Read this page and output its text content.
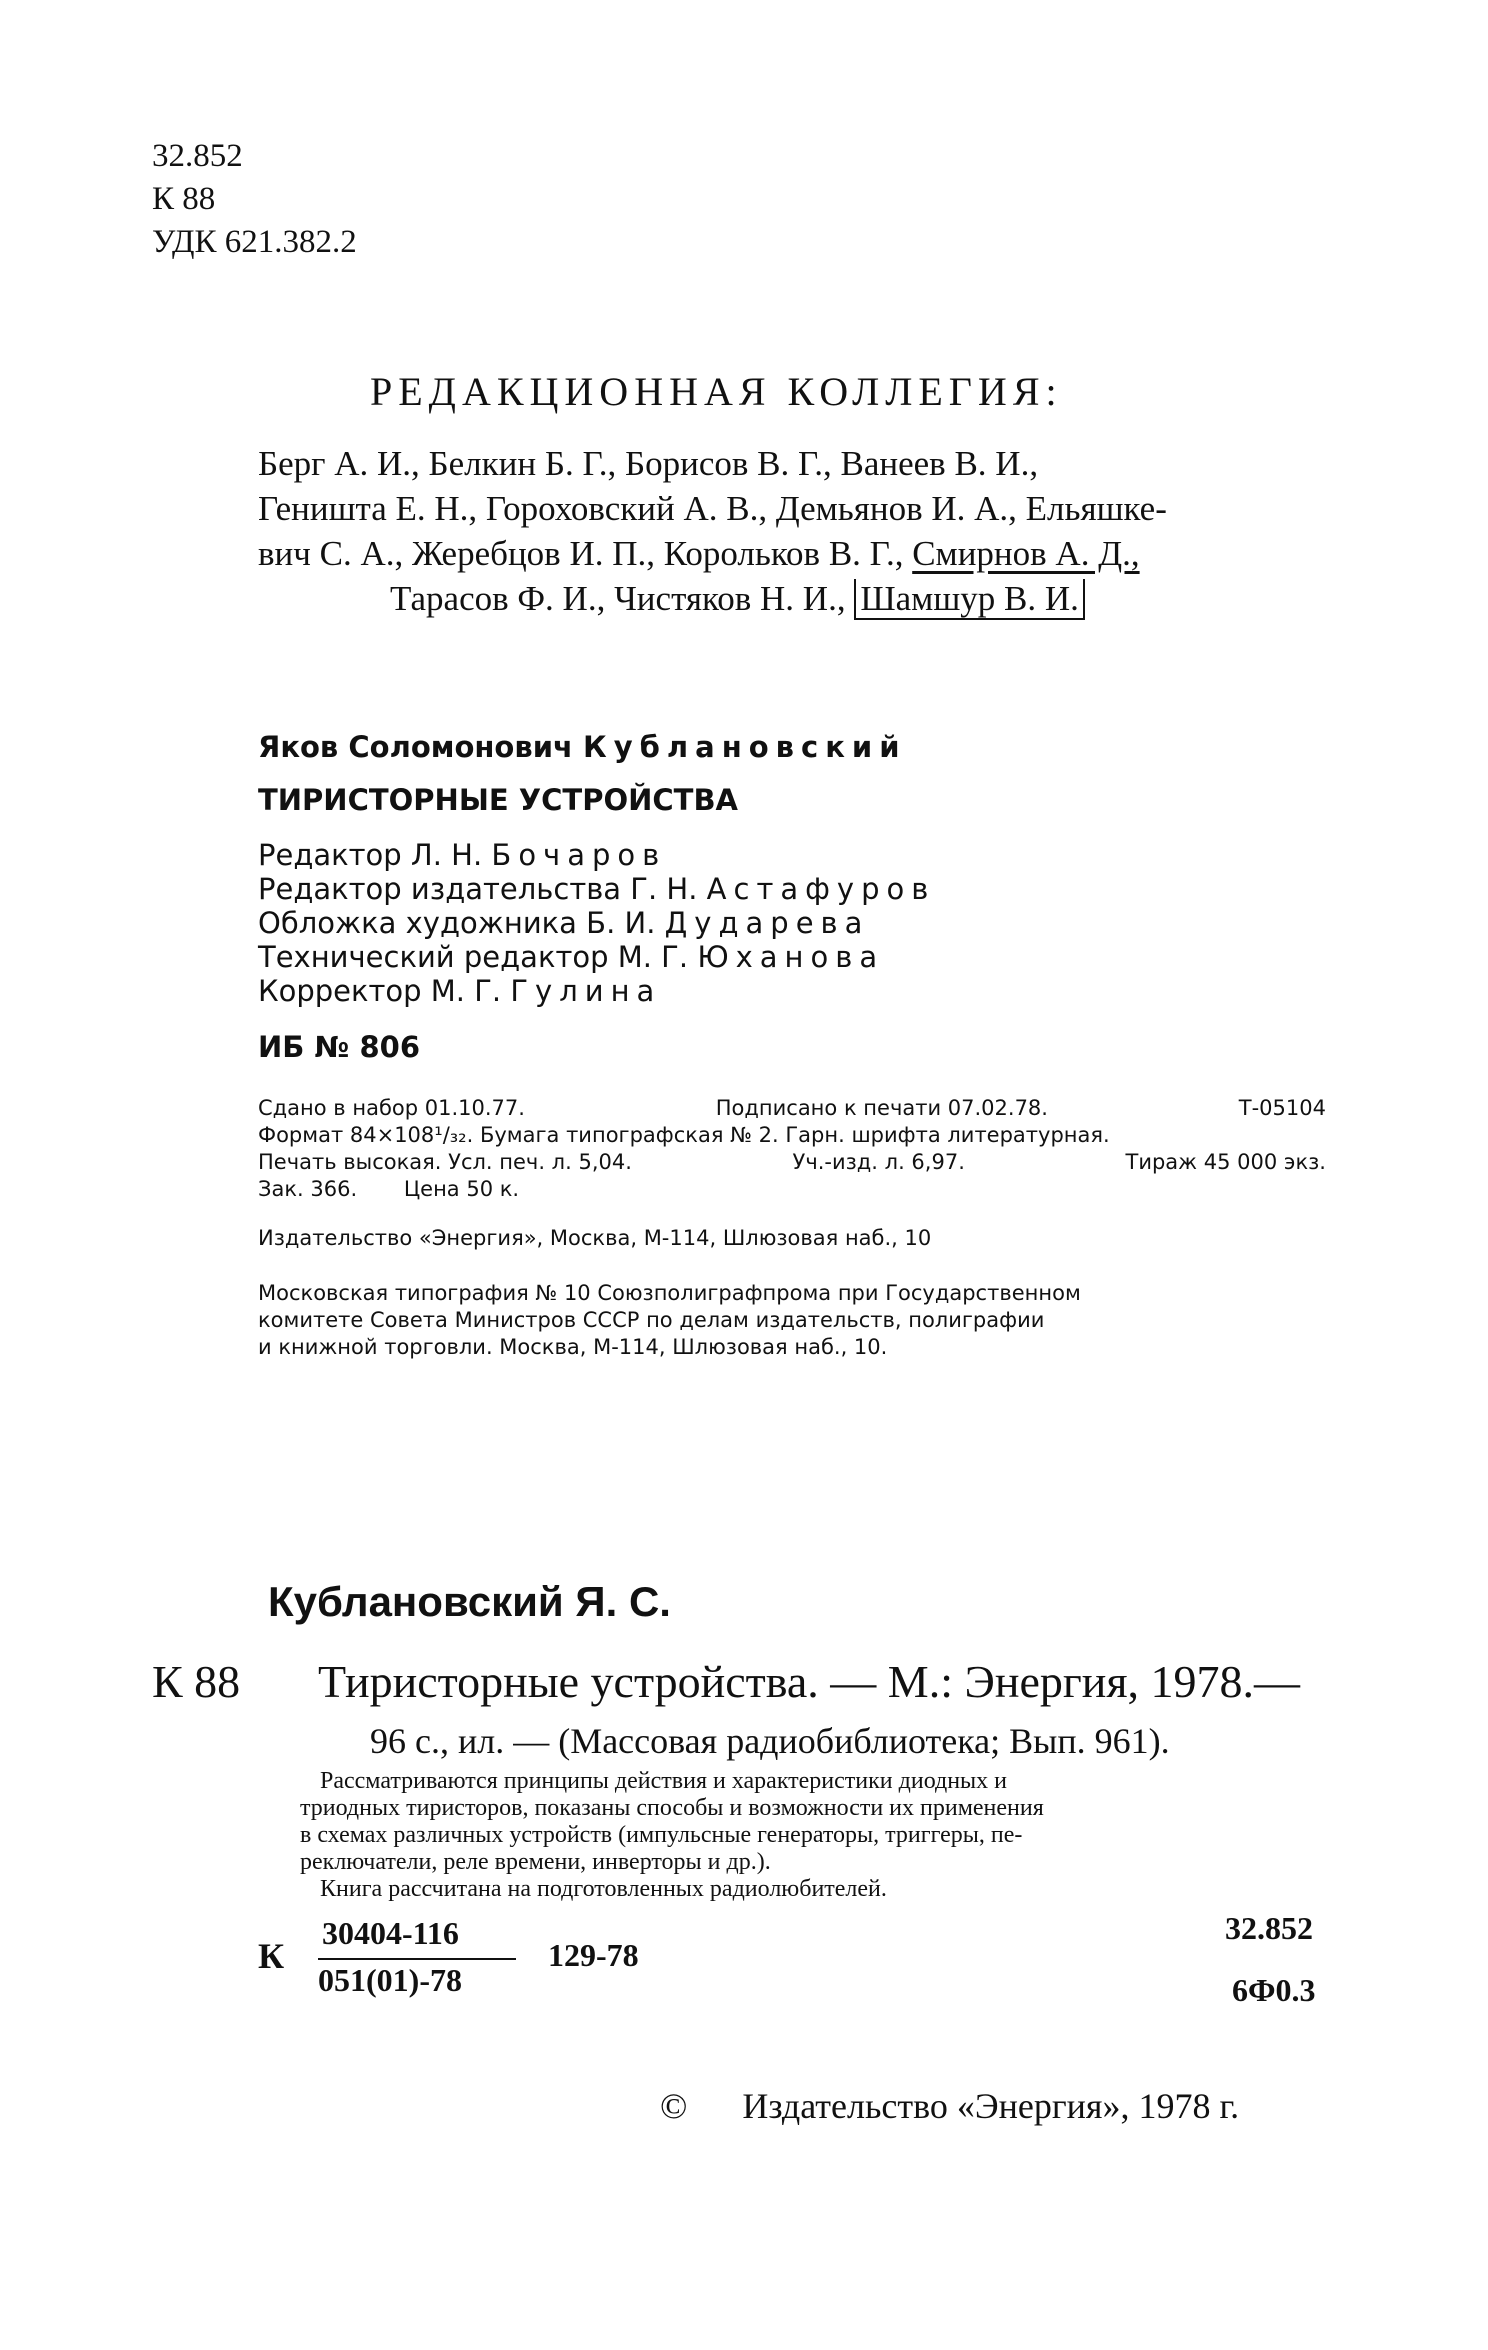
32.852
К 88
УДК 621.382.2
РЕДАКЦИОННАЯ КОЛЛЕГИЯ:
Берг А. И., Белкин Б. Г., Борисов В. Г., Ванеев В. И.,
Геништа Е. Н., Гороховский А. В., Демьянов И. А., Ельяшке-
вич С. А., Жеребцов И. П., Корольков В. Г., Смирнов А. Д.,
Тарасов Ф. И., Чистяков Н. И., Шамшур В. И.
Яков Соломонович Кублановский
ТИРИСТОРНЫЕ УСТРОЙСТВА
Редактор Л. Н. Бочаров
Редактор издательства Г. Н. Астафуров
Обложка художника Б. И. Дударева
Технический редактор М. Г. Юханова
Корректор М. Г. Гулина
ИБ № 806
Сдано в набор 01.10.77.	Подписано к печати 07.02.78.	Т-05104
Формат 84×108¹/₃₂. Бумага типографская № 2. Гарн. шрифта литературная.
Печать высокая. Усл. печ. л. 5,04.	Уч.-изд. л. 6,97.	Тираж 45 000 экз.
Зак. 366.       Цена 50 к.
Издательство «Энергия», Москва, М-114, Шлюзовая наб., 10
Московская типография № 10 Союзполиграфпрома при Государственном
комитете Совета Министров СССР по делам издательств, полиграфии
и книжной торговли. Москва, М-114, Шлюзовая наб., 10.
Кублановский Я. С.
К 88 Тиристорные устройства. — М.: Энергия, 1978.—
96 с., ил. — (Массовая радиобиблиотека; Вып. 961).
Рассматриваются принципы действия и характеристики диодных и
триодных тиристоров, показаны способы и возможности их применения
в схемах различных устройств (импульсные генераторы, триггеры, пе-
реключатели, реле времени, инверторы и др.).
Книга рассчитана на подготовленных радиолюбителей.
К
30404-116
051(01)-78
129-78
32.852
6Ф0.3
© Издательство «Энергия», 1978 г.
